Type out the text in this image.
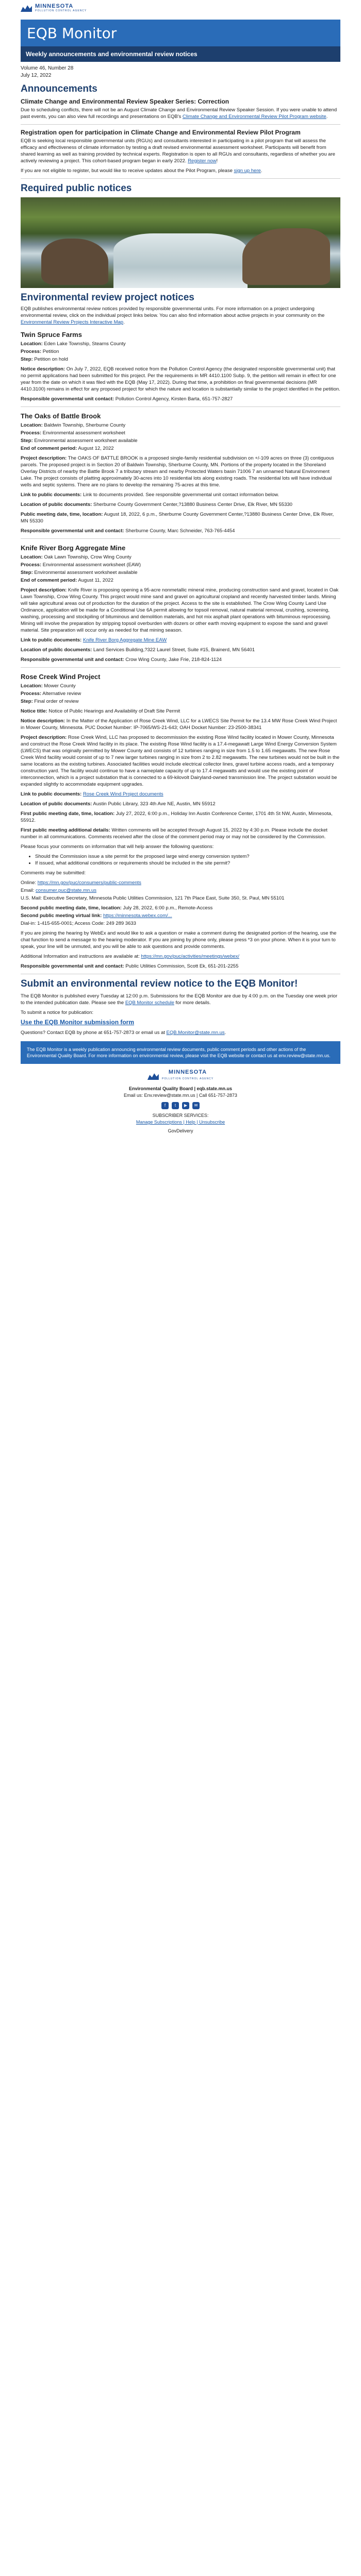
MINNESOTA
POLLUTION CONTROL AGENCY
EQB Monitor
Weekly announcements and environmental review notices
Volume 46, Number 28
July 12, 2022
Announcements
Climate Change and Environmental Review Speaker Series: Correction

Due to scheduling conflicts, there will not be an August Climate Change and Environmental Review Speaker Session. If you were unable to attend past events, you can also view full recordings and presentations on EQB's Climate Change and Environmental Review Pilot Program website.

Registration open for participation in Climate Change and Environmental Review Pilot Program

EQB is seeking local responsible governmental units (RGUs) and consultants interested in participating in a pilot program that will assess the efficacy and effectiveness of climate information by testing a draft revised environmental assessment worksheet. Participants will benefit from shared learning as well as training provided by technical experts. Registration is open to all RGUs and consultants, regardless of whether you are actively reviewing a project. This cohort-based program began in early 2022. Register now!

If you are not eligible to register, but would like to receive updates about the Pilot Program, please sign up here.

Required public notices
Environmental review project notices

EQB publishes environmental review notices provided by responsible governmental units. For more information on a project undergoing environmental review, click on the individual project links below. You can also find information about active projects in your community on the Environmental Review Projects Interactive Map.

Twin Spruce Farms
Location: Eden Lake Township, Stearns County
Process: Petition
Step: Petition on hold

Notice description: On July 7, 2022, EQB received notice from the Pollution Control Agency (the designated responsible governmental unit) that no permit applications had been submitted for this project. Per the requirements in MR 4410.1100 Subp. 9, the petition will remain in effect for one year from the date on which it was filed with the EQB (May 17, 2022). During that time, a prohibition on final governmental decisions (MR 4410.3100) remains in effect for any proposed project for which the nature and location is substantially similar to the project identified in the petition.

Responsible governmental unit contact: Pollution Control Agency, Kirsten Barta, 651-757-2827
The Oaks of Battle Brook
Location: Baldwin Township, Sherburne County
Process: Environmental assessment worksheet
Step: Environmental assessment worksheet available
End of comment period: August 12, 2022

Project description: The OAKS OF BATTLE BROOK is a proposed single-family residential subdivision on +/-109 acres on three (3) contiguous parcels. The proposed project is in Section 20 of Baldwin Township, Sherburne County, MN. Portions of the property located in the Shoreland Overlay Districts of nearby the Battle Brook 7 a tributary stream and nearby Protected Waters basin 71006 7 an unnamed Natural Environment Lake. The project consists of platting approximately 30-acres into 10 residential lots along existing roads. The residential lots will have individual wells and septic systems. There are no plans to develop the remaining 75-acres at this time.

Link to public documents: Link to documents provided. See responsible governmental unit contact information below.

Location of public documents: Sherburne County Government Center,?13880 Business Center Drive, Elk River, MN 55330

Public meeting date, time, location: August 18, 2022, 6 p.m., Sherburne County Government Center,?13880 Business Center Drive, Elk River, MN 55330

Responsible governmental unit and contact: Sherburne County, Marc Schneider, 763-765-4454
Knife River Borg Aggregate Mine
Location: Oak Lawn Township, Crow Wing County
Process: Environmental assessment worksheet (EAW)
Step: Environmental assessment worksheet available
End of comment period: August 11, 2022

Project description: Knife River is proposing opening a 95-acre nonmetallic mineral mine, producing construction sand and gravel, located in Oak Lawn Township, Crow Wing County. This project would mine sand and gravel on agricultural cropland and recently harvested timber lands. Mining will take agricultural areas out of production for the duration of the project. Access to the site is established. The Crow Wing County Land Use Ordinance, application will be made for a Conditional Use 6A permit allowing for topsoil removal, natural material removal, crushing, screening, washing, processing and stockpiling of bituminous and demolition materials, and hot mix asphalt plant operations with bituminous reprocessing. Mining will involve the preparation by stripping topsoil overburden with dozers or other earth moving equipment to expose the sand and gravel material. Site preparation will occur only as needed for that mining season.

Link to public documents: Knife River Borg Aggregate Mine EAW

Location of public documents: Land Services Building,?322 Laurel Street, Suite #15, Brainerd, MN 56401

Responsible governmental unit and contact: Crow Wing County, Jake Frie, 218-824-1124
Rose Creek Wind Project
Location: Mower County
Process: Alternative review
Step: Final order of review

Notice title: Notice of Public Hearings and Availability of Draft Site Permit

Notice description: In the Matter of the Application of Rose Creek Wind, LLC for a LWECS Site Permit for the 13.4 MW Rose Creek Wind Project in Mower County, Minnesota. PUC Docket Number: IP-7065/WS-21-643; OAH Docket Number: 23-2500-38341

Project description: Rose Creek Wind, LLC has proposed to decommission the existing Rose Wind facility located in Mower County, Minnesota and construct the Rose Creek Wind facility in its place. The existing Rose Wind facility is a 17.4-megawatt Large Wind Energy Conversion System (LWECS) that was originally permitted by Mower County and consists of 12 turbines ranging in size from 1.5 to 1.65 megawatts. The new Rose Creek Wind facility would consist of up to 7 new larger turbines ranging in size from 2 to 2.82 megawatts. The new turbines would not be built in the same locations as the existing turbines. Associated facilities would include electrical collector lines, gravel turbine access roads, and a temporary construction yard. The facility would continue to have a nameplate capacity of up to 17.4 megawatts and would use the existing point of interconnection, which is a project substation that is connected to a 69-kilovolt Dairyland-owned transmission line. The project substation would be expanded slightly to accommodate equipment upgrades.

Link to public documents: Rose Creek Wind Project documents

Location of public documents: Austin Public Library, 323 4th Ave NE, Austin, MN 55912

First public meeting date, time, location: July 27, 2022, 6:00 p.m., Holiday Inn Austin Conference Center, 1701 4th St NW, Austin, Minnesota, 55912.

First public meeting additional details: Written comments will be accepted through August 15, 2022 by 4:30 p.m. Please include the docket number in all communications. Comments received after the close of the comment period may or may not be considered by the Commission.

Please focus your comments on information that will help answer the following questions:

• Should the Commission issue a site permit for the proposed large wind energy conversion system?
• If issued, what additional conditions or requirements should be included in the site permit?

Comments may be submitted:

Online: https://mn.gov/puc/consumers/public-comments
Email: consumer.puc@state.mn.us

U.S. Mail: Executive Secretary, Minnesota Public Utilities Commission, 121 7th Place East, Suite 350, St. Paul, MN 55101

Second public meeting date, time, location: July 28, 2022, 6:00 p.m., Remote-Access
Second public meeting virtual link: https://minnesota.webex.com/...

Dial-in: 1-415-655-0001; Access Code: 249 289 3633

If you are joining the hearing by WebEx and would like to ask a question or make a comment during the designated portion of the hearing, use the chat function to send a message to the hearing moderator. If you are joining by phone only, please press *3 on your phone. When it is your turn to speak, your line will be unmuted, and you will be able to ask questions and provide comments.

Additional Information and instructions are available at: https://mn.gov/puc/activities/meetings/webex/

Responsible governmental unit and contact: Public Utilities Commission, Scott Ek, 651-201-2255
Submit an environmental review notice to the EQB Monitor!

The EQB Monitor is published every Tuesday at 12:00 p.m. Submissions for the EQB Monitor are due by 4:00 p.m. on the Tuesday one week prior to the intended publication date. Please see the EQB Monitor schedule for more details.

To submit a notice for publication:

Use the EQB Monitor submission form

Questions? Contact EQB by phone at 651-757-2873 or email us at EQB.Monitor@state.mn.us.

The EQB Monitor is a weekly publication announcing environmental review documents, public comment periods and other actions of the Environmental Quality Board. For more information on environmental review, please visit the EQB website or contact us at env.review@state.mn.us.
MINNESOTA
POLLUTION CONTROL AGENCY
Environmental Quality Board | eqb.state.mn.us
Email us: Env.review@state.mn.us | Call 651-757-2873
f	t	▶	✉
SUBSCRIBER SERVICES:
Manage Subscriptions | Help | Unsubscribe
GovDelivery
